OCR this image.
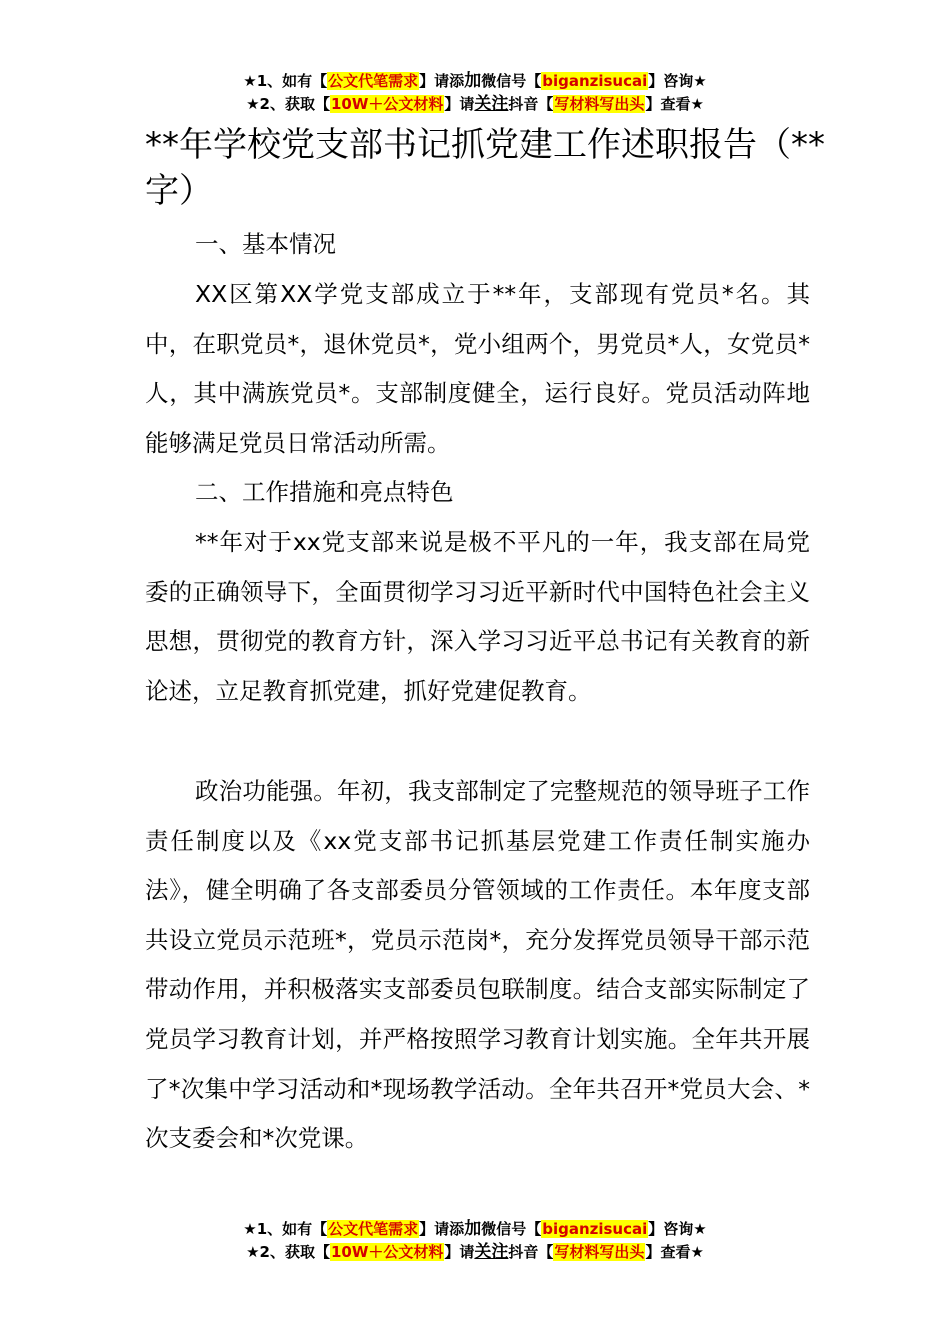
★1、如有【公文代笔需求】请添加微信号【biganzisucai】咨询★
★2、获取【10W＋公文材料】请关注抖音【写材料写出头】查看★
**年学校党支部书记抓党建工作述职报告（**字）

一、基本情况

XX区第XX学党支部成立于**年，支部现有党员*名。其中，在职党员*，退休党员*，党小组两个，男党员*人，女党员*人，其中满族党员*。支部制度健全，运行良好。党员活动阵地能够满足党员日常活动所需。

二、工作措施和亮点特色

**年对于xx党支部来说是极不平凡的一年，我支部在局党委的正确领导下，全面贯彻学习习近平新时代中国特色社会主义思想，贯彻党的教育方针，深入学习习近平总书记有关教育的新论述，立足教育抓党建，抓好党建促教育。

政治功能强。年初，我支部制定了完整规范的领导班子工作责任制度以及《xx党支部书记抓基层党建工作责任制实施办法》，健全明确了各支部委员分管领域的工作责任。本年度支部共设立党员示范班*，党员示范岗*，充分发挥党员领导干部示范带动作用，并积极落实支部委员包联制度。结合支部实际制定了党员学习教育计划，并严格按照学习教育计划实施。全年共开展了*次集中学习活动和*现场教学活动。全年共召开*党员大会、*次支委会和*次党课。

★1、如有【公文代笔需求】请添加微信号【biganzisucai】咨询★
★2、获取【10W＋公文材料】请关注抖音【写材料写出头】查看★
